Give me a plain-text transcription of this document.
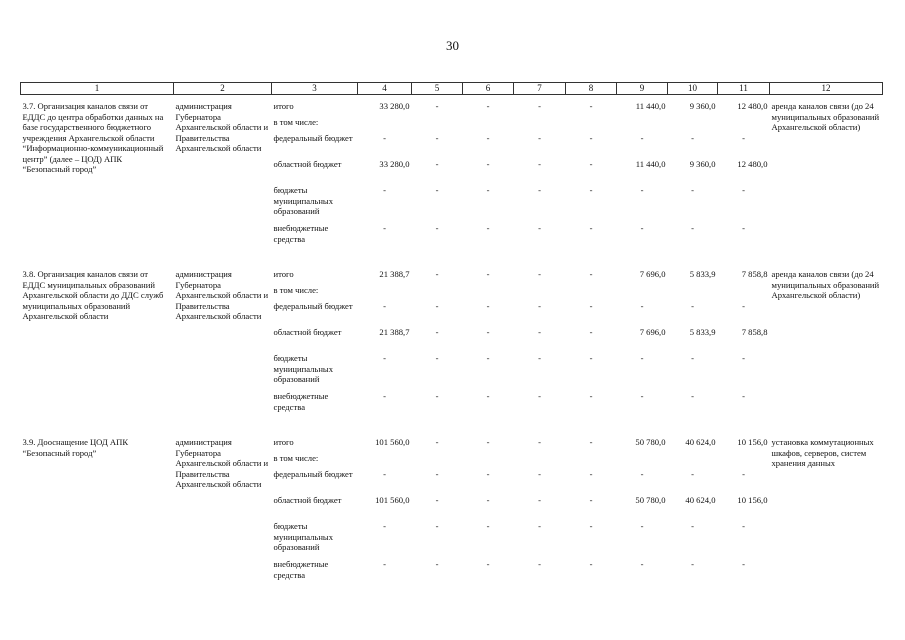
30
1	2	3	4	5	6	7	8	9	10	11	12

3.7. Организация каналов связи от ЕДДС до центра обработки данных на базе государственного бюджетного учреждения Архангельской области “Информационно-коммуникационный центр” (далее – ЦОД) АПК “Безопасный город”	администрация Губернатора Архангельской области и Правительства Архангельской области	итого	33 280,0	-	-	-	-	11 440,0	9 360,0	12 480,0	аренда каналов связи (до 24 муниципальных образований Архангельской области)
		в том числе:									
		федеральный бюджет	-	-	-	-	-	-	-	-	
		областной бюджет	33 280,0	-	-	-	-	11 440,0	9 360,0	12 480,0	
		бюджеты муниципальных образований	-	-	-	-	-	-	-	-	
		внебюджетные средства	-	-	-	-	-	-	-	-	

3.8. Организация каналов связи от ЕДДС муниципальных образований Архангельской области до ДДС служб муниципальных образований Архангельской области	администрация Губернатора Архангельской области и Правительства Архангельской области	итого	21 388,7	-	-	-	-	7 696,0	5 833,9	7 858,8	аренда каналов связи (до 24 муниципальных образований Архангельской области)
		в том числе:									
		федеральный бюджет	-	-	-	-	-	-	-	-	
		областной бюджет	21 388,7	-	-	-	-	7 696,0	5 833,9	7 858,8	
		бюджеты муниципальных образований	-	-	-	-	-	-	-	-	
		внебюджетные средства	-	-	-	-	-	-	-	-	

3.9. Дооснащение ЦОД АПК “Безопасный город”	администрация Губернатора Архангельской области и Правительства Архангельской области	итого	101 560,0	-	-	-	-	50 780,0	40 624,0	10 156,0	установка коммутационных шкафов, серверов, систем хранения данных
		в том числе:									
		федеральный бюджет	-	-	-	-	-	-	-	-	
		областной бюджет	101 560,0	-	-	-	-	50 780,0	40 624,0	10 156,0	
		бюджеты муниципальных образований	-	-	-	-	-	-	-	-	
		внебюджетные средства	-	-	-	-	-	-	-	-	
